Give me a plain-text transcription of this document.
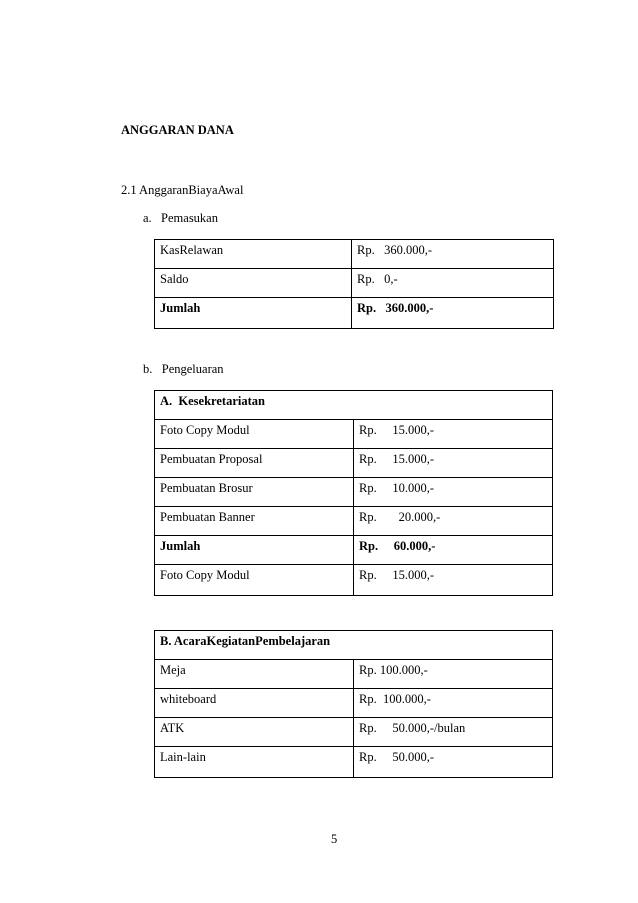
ANGGARAN DANA
2.1 AnggaranBiayaAwal
a.   Pemasukan
KasRelawan	Rp.   360.000,-
Saldo	Rp.   0,-
Jumlah	Rp.   360.000,-
b.   Pengeluaran
A.  Kesekretariatan	
Foto Copy Modul	Rp.     15.000,-
Pembuatan Proposal	Rp.     15.000,-
Pembuatan Brosur	Rp.     10.000,-
Pembuatan Banner	Rp.       20.000,-
Jumlah	Rp.     60.000,-
Foto Copy Modul	Rp.     15.000,-
B. AcaraKegiatanPembelajaran	
Meja	Rp. 100.000,-
whiteboard	Rp.  100.000,-
ATK	Rp.     50.000,-/bulan
Lain-lain	Rp.     50.000,-
5
